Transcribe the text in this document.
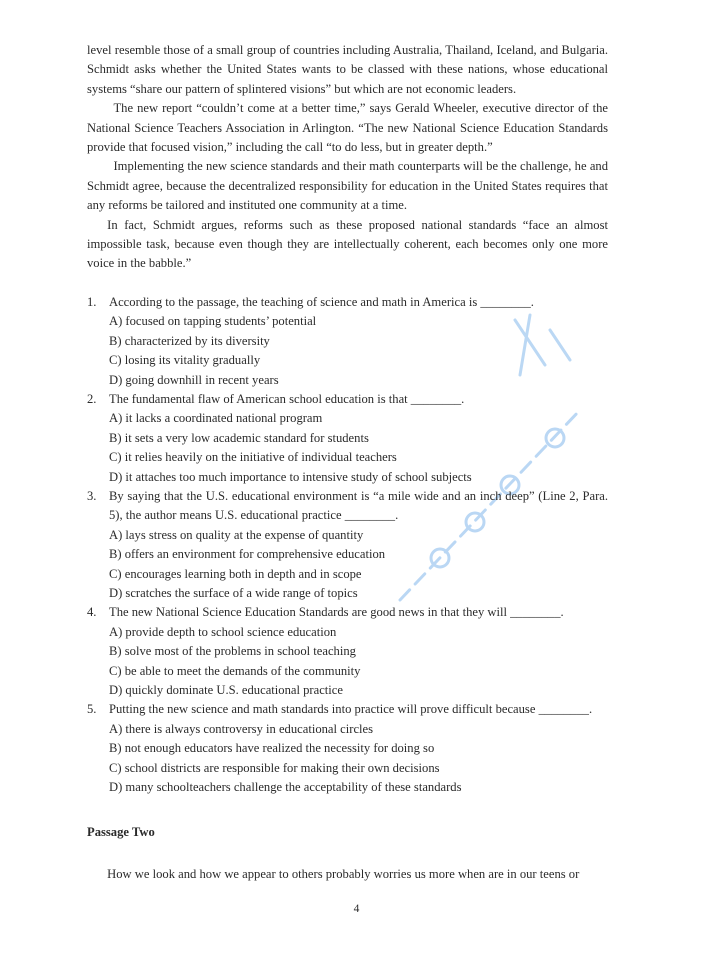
level resemble those of a small group of countries including Australia, Thailand, Iceland, and Bulgaria. Schmidt asks whether the United States wants to be classed with these nations, whose educational systems “share our pattern of splintered visions” but which are not economic leaders.

The new report “couldn’t come at a better time,” says Gerald Wheeler, executive director of the National Science Teachers Association in Arlington. “The new National Science Education Standards provide that focused vision,” including the call “to do less, but in greater depth.”

Implementing the new science standards and their math counterparts will be the challenge, he and Schmidt agree, because the decentralized responsibility for education in the United States requires that any reforms be tailored and instituted one community at a time.

In fact, Schmidt argues, reforms such as these proposed national standards “face an almost impossible task, because even though they are intellectually coherent, each becomes only one more voice in the babble.”

1. According to the passage, the teaching of science and math in America is ________.
A) focused on tapping students’ potential
B) characterized by its diversity
C) losing its vitality gradually
D) going downhill in recent years
2. The fundamental flaw of American school education is that ________.
A) it lacks a coordinated national program
B) it sets a very low academic standard for students
C) it relies heavily on the initiative of individual teachers
D) it attaches too much importance to intensive study of school subjects
3. By saying that the U.S. educational environment is “a mile wide and an inch deep” (Line 2, Para. 5), the author means U.S. educational practice ________.
A) lays stress on quality at the expense of quantity
B) offers an environment for comprehensive education
C) encourages learning both in depth and in scope
D) scratches the surface of a wide range of topics
4. The new National Science Education Standards are good news in that they will ________.
A) provide depth to school science education
B) solve most of the problems in school teaching
C) be able to meet the demands of the community
D) quickly dominate U.S. educational practice
5. Putting the new science and math standards into practice will prove difficult because ________.
A) there is always controversy in educational circles
B) not enough educators have realized the necessity for doing so
C) school districts are responsible for making their own decisions
D) many schoolteachers challenge the acceptability of these standards
Passage Two

How we look and how we appear to others probably worries us more when are in our teens or

4
